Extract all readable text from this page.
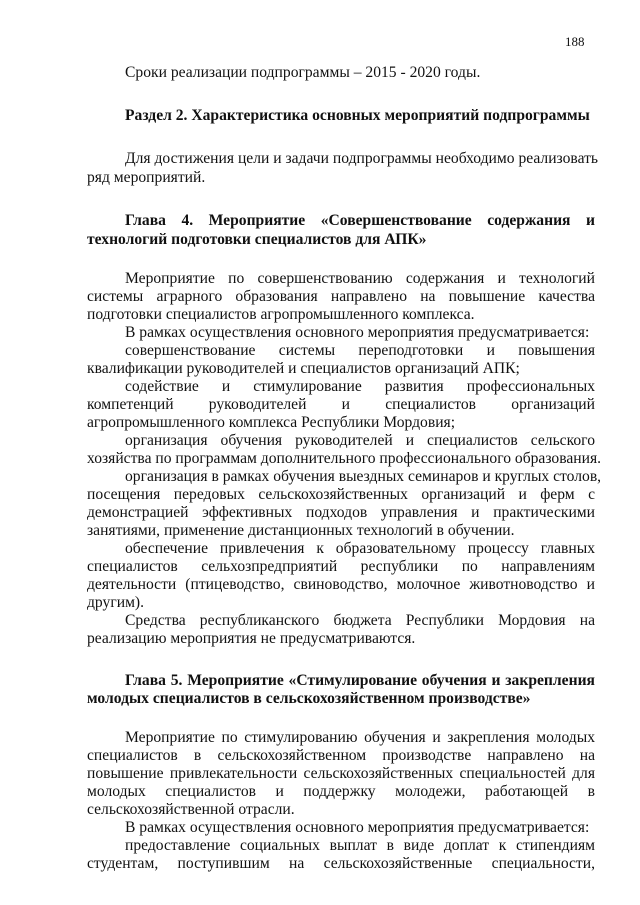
188
Сроки реализации подпрограммы – 2015 - 2020 годы.
Раздел 2. Характеристика основных мероприятий подпрограммы
Для достижения цели и задачи подпрограммы необходимо реализовать
ряд мероприятий.
Глава 4. Мероприятие «Совершенствование содержания и
технологий подготовки специалистов для АПК»
Мероприятие по совершенствованию содержания и технологий
системы аграрного образования направлено на повышение качества
подготовки специалистов агропромышленного комплекса.
В рамках осуществления основного мероприятия предусматривается:
совершенствование системы переподготовки и повышения
квалификации руководителей и специалистов организаций АПК;
содействие и стимулирование развития профессиональных
компетенций руководителей и специалистов организаций
агропромышленного комплекса Республики Мордовия;
организация обучения руководителей и специалистов сельского
хозяйства по программам дополнительного профессионального образования.
организация в рамках обучения выездных семинаров и круглых столов,
посещения передовых сельскохозяйственных организаций и ферм с
демонстрацией эффективных подходов управления и практическими
занятиями, применение дистанционных технологий в обучении.
обеспечение привлечения к образовательному процессу главных
специалистов сельхозпредприятий республики по направлениям
деятельности (птицеводство, свиноводство, молочное животноводство и
другим).
Средства республиканского бюджета Республики Мордовия на
реализацию мероприятия не предусматриваются.
Глава 5. Мероприятие «Стимулирование обучения и закрепления
молодых специалистов в сельскохозяйственном производстве»
Мероприятие по стимулированию обучения и закрепления молодых
специалистов в сельскохозяйственном производстве направлено на
повышение привлекательности сельскохозяйственных специальностей для
молодых специалистов и поддержку молодежи, работающей в
сельскохозяйственной отрасли.
В рамках осуществления основного мероприятия предусматривается:
предоставление социальных выплат в виде доплат к стипендиям
студентам, поступившим на сельскохозяйственные специальности,
